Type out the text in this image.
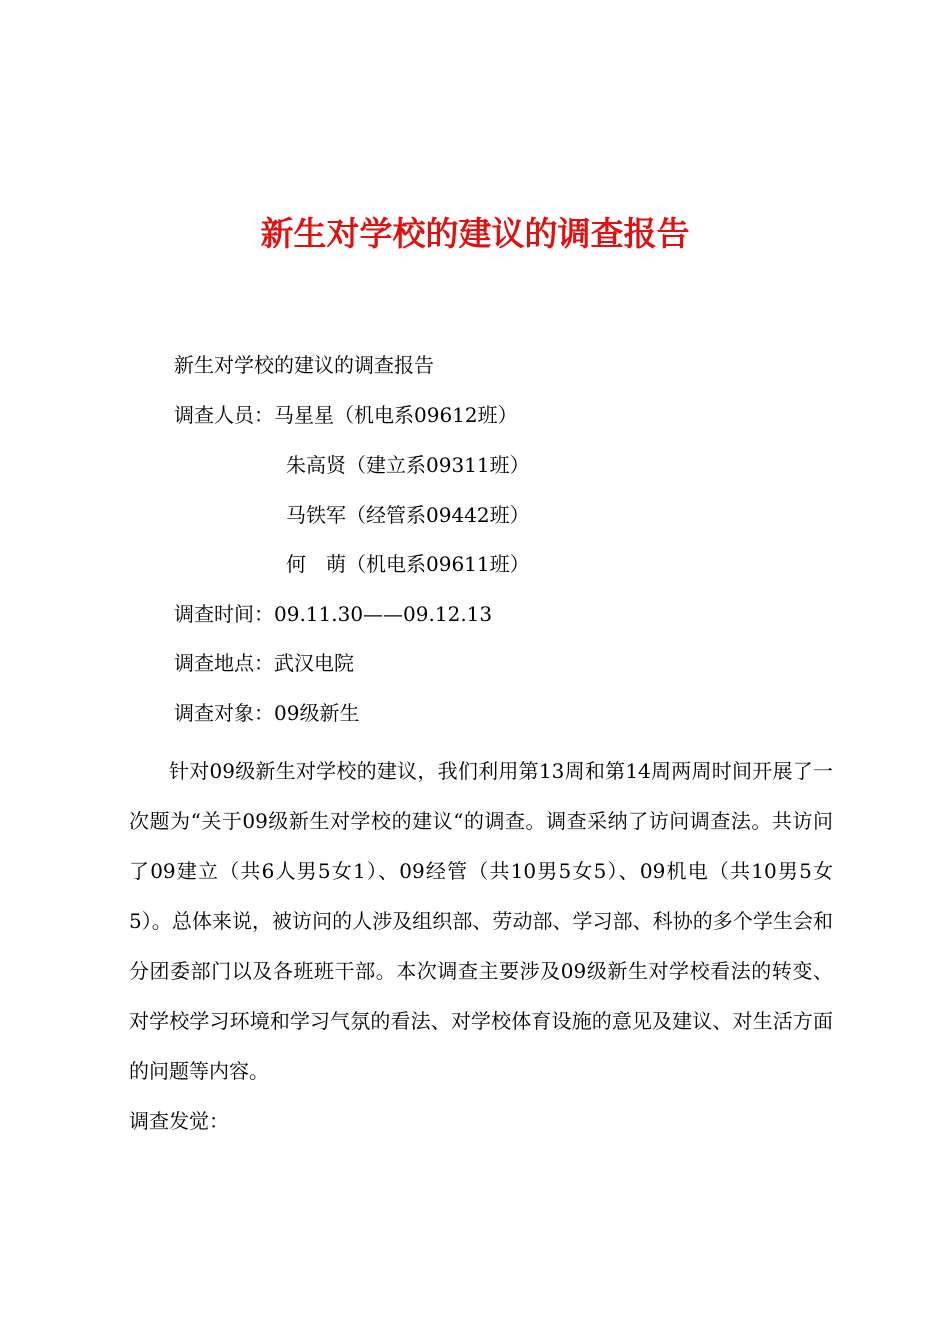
新生对学校的建议的调查报告

新生对学校的建议的调查报告

调查人员：马星星（机电系09612班）

朱高贤（建立系09311班）

马铁军（经管系09442班）

何　萌（机电系09611班）

调查时间：09.11.30——09.12.13

调查地点：武汉电院

调查对象：09级新生

针对09级新生对学校的建议，我们利用第13周和第14周两周时间开展了一次题为“关于09级新生对学校的建议“的调查。调查采纳了访问调查法。共访问了09建立（共6人男5女1）、09经管（共10男5女5）、09机电（共10男5女5）。总体来说，被访问的人涉及组织部、劳动部、学习部、科协的多个学生会和分团委部门以及各班班干部。本次调查主要涉及09级新生对学校看法的转变、对学校学习环境和学习气氛的看法、对学校体育设施的意见及建议、对生活方面的问题等内容。
调查发觉：
